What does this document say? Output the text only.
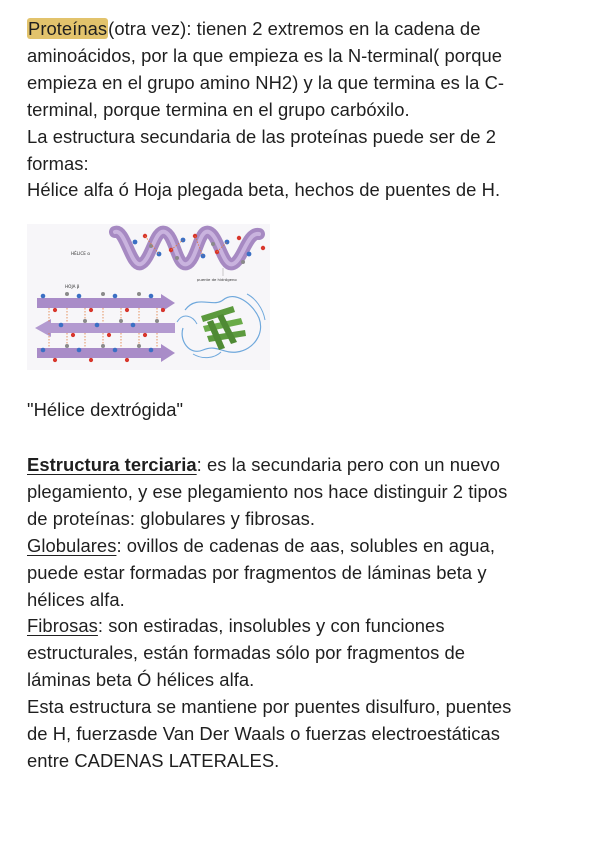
Proteínas(otra vez): tienen 2 extremos en la cadena de
aminoácidos, por la que empieza es la N-terminal( porque
empieza en el grupo amino NH2) y la que termina es la C-
terminal, porque termina en el grupo carbóxilo.
La estructura secundaria de las proteínas puede ser de 2
formas:
Hélice alfa ó Hoja plegada beta, hechos de puentes de H.
HÉLICE α
puente de hidrógeno
HOJA β
"Hélice dextrógida"
Estructura terciaria: es la secundaria pero con un nuevo
plegamiento, y ese plegamiento nos hace distinguir 2 tipos
de proteínas: globulares y fibrosas.
Globulares: ovillos de cadenas de aas, solubles en agua,
puede estar formadas por fragmentos de láminas beta y
hélices alfa.
Fibrosas: son estiradas, insolubles y con funciones
estructurales, están formadas sólo por fragmentos de
láminas beta Ó hélices alfa.
Esta estructura se mantiene por puentes disulfuro, puentes
de H, fuerzasde Van Der Waals o fuerzas electroestáticas
entre CADENAS LATERALES.
